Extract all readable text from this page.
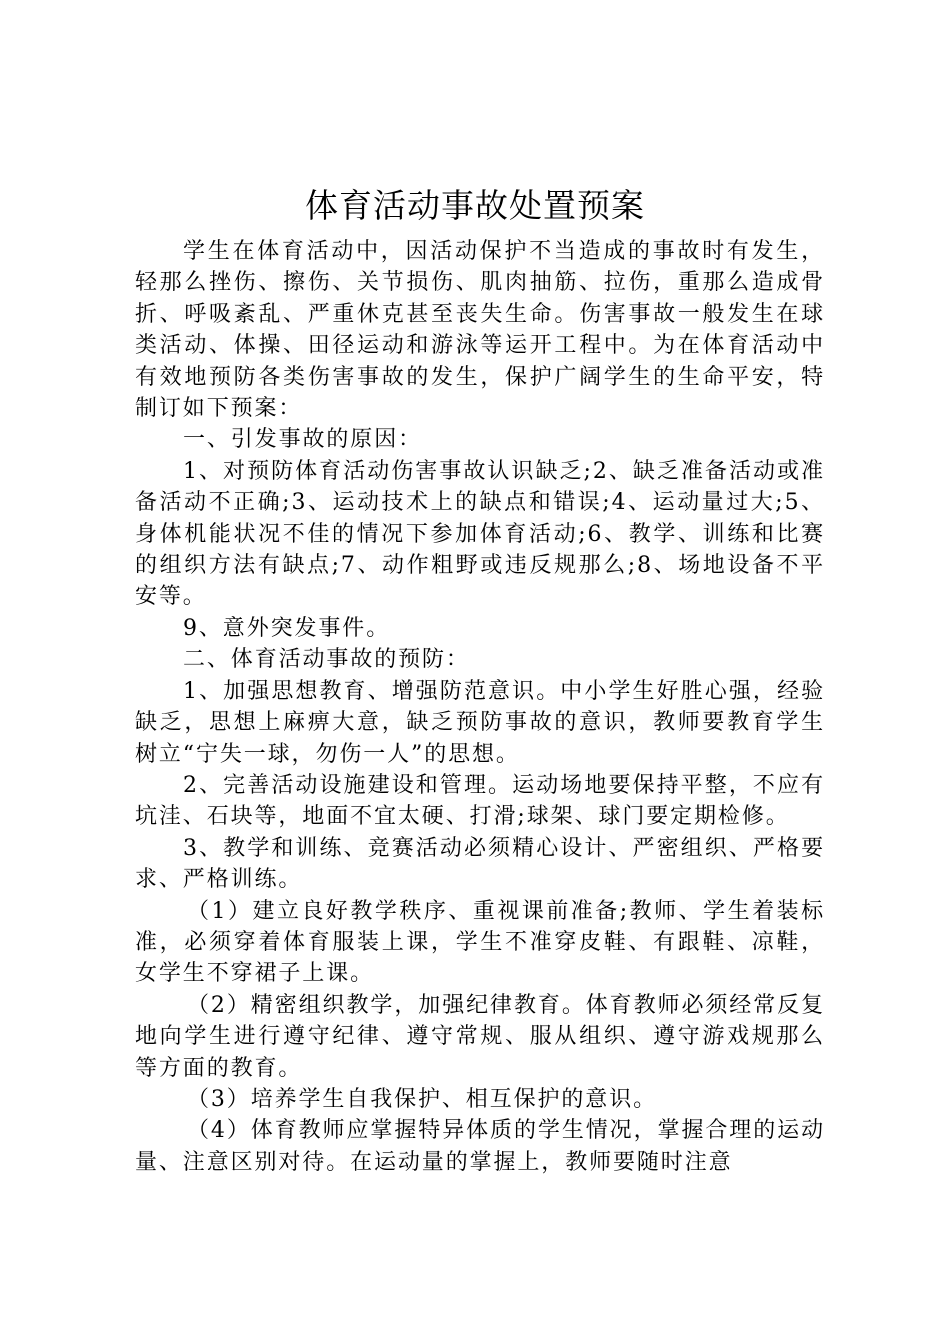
体育活动事故处置预案

学生在体育活动中，因活动保护不当造成的事故时有发生，轻那么挫伤、擦伤、关节损伤、肌肉抽筋、拉伤，重那么造成骨折、呼吸紊乱、严重休克甚至丧失生命。伤害事故一般发生在球类活动、体操、田径运动和游泳等运开工程中。为在体育活动中有效地预防各类伤害事故的发生，保护广阔学生的生命平安，特制订如下预案：

一、引发事故的原因：

1、对预防体育活动伤害事故认识缺乏;2、缺乏准备活动或准备活动不正确;3、运动技术上的缺点和错误;4、运动量过大;5、身体机能状况不佳的情况下参加体育活动;6、教学、训练和比赛的组织方法有缺点;7、动作粗野或违反规那么;8、场地设备不平安等。

9、意外突发事件。

二、体育活动事故的预防：

1、加强思想教育、增强防范意识。中小学生好胜心强，经验缺乏，思想上麻痹大意，缺乏预防事故的意识，教师要教育学生树立“宁失一球，勿伤一人”的思想。

2、完善活动设施建设和管理。运动场地要保持平整，不应有坑洼、石块等，地面不宜太硬、打滑;球架、球门要定期检修。

3、教学和训练、竞赛活动必须精心设计、严密组织、严格要求、严格训练。

（1）建立良好教学秩序、重视课前准备;教师、学生着装标准，必须穿着体育服装上课，学生不准穿皮鞋、有跟鞋、凉鞋，女学生不穿裙子上课。

（2）精密组织教学，加强纪律教育。体育教师必须经常反复地向学生进行遵守纪律、遵守常规、服从组织、遵守游戏规那么等方面的教育。

（3）培养学生自我保护、相互保护的意识。

（4）体育教师应掌握特异体质的学生情况，掌握合理的运动量、注意区别对待。在运动量的掌握上，教师要随时注意
